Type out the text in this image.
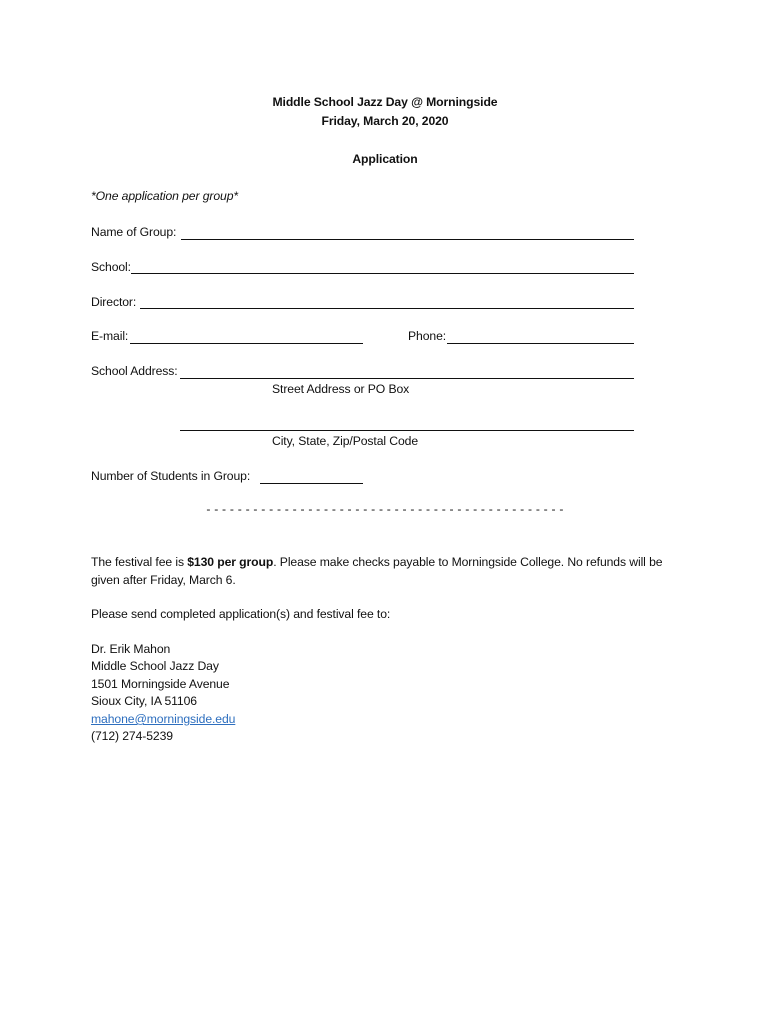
Middle School Jazz Day @ Morningside
Friday, March 20, 2020
Application
*One application per group*
Name of Group:
School:
Director:
E-mail:	Phone:
School Address:
Street Address or PO Box
City, State, Zip/Postal Code
Number of Students in Group:
- - - - - - - - - - - - - - - - - - - - - - - - - - - - - - - - - - - - - - - - - - - - - -
The festival fee is $130 per group. Please make checks payable to Morningside College. No refunds will be given after Friday, March 6.
Please send completed application(s) and festival fee to:
Dr. Erik Mahon
Middle School Jazz Day
1501 Morningside Avenue
Sioux City, IA 51106
mahone@morningside.edu
(712) 274-5239
